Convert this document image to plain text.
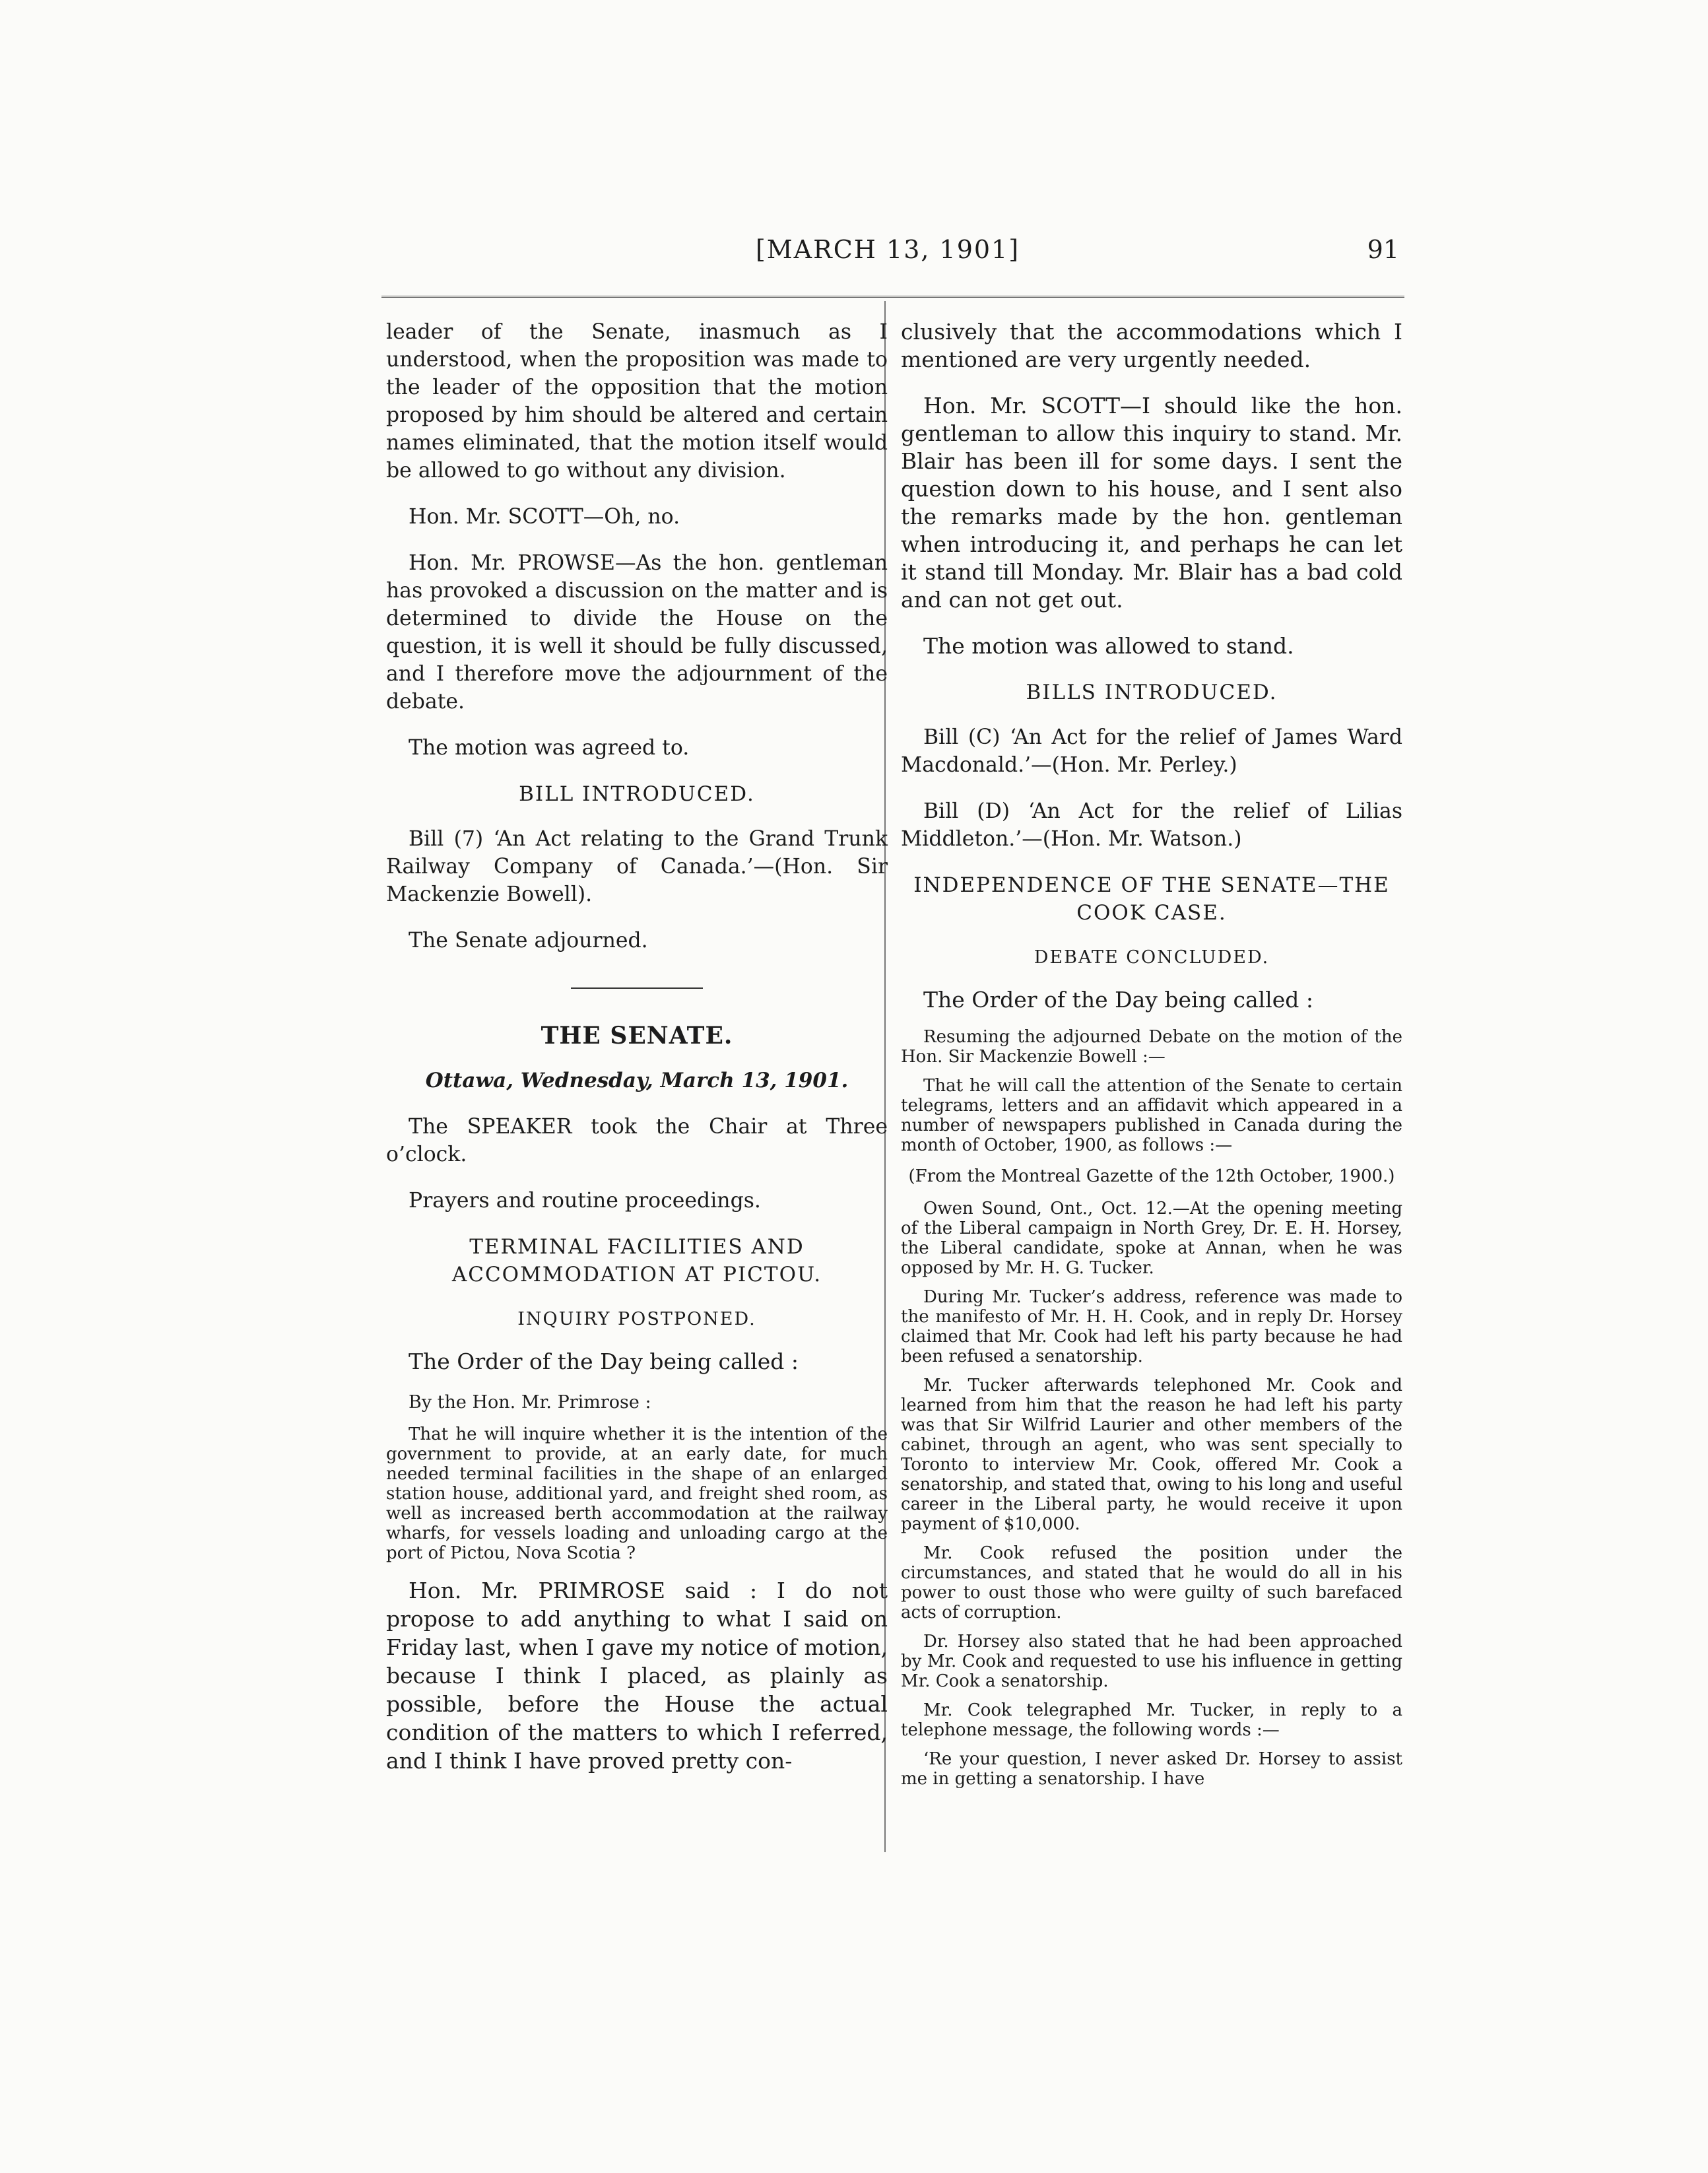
[MARCH 13, 1901]	91

leader of the Senate, inasmuch as I understood, when the proposition was made to the leader of the opposition that the motion proposed by him should be altered and certain names eliminated, that the motion itself would be allowed to go without any division.

Hon. Mr. SCOTT—Oh, no.

Hon. Mr. PROWSE—As the hon. gentleman has provoked a discussion on the matter and is determined to divide the House on the question, it is well it should be fully discussed, and I therefore move the adjournment of the debate.

The motion was agreed to.

BILL INTRODUCED.

Bill (7) ‘An Act relating to the Grand Trunk Railway Company of Canada.’—(Hon. Sir Mackenzie Bowell).

The Senate adjourned.

THE SENATE.
Ottawa, Wednesday, March 13, 1901.

The SPEAKER took the Chair at Three o’clock.

Prayers and routine proceedings.

TERMINAL FACILITIES AND ACCOMMODATION AT PICTOU.
INQUIRY POSTPONED.

The Order of the Day being called :

By the Hon. Mr. Primrose :

That he will inquire whether it is the intention of the government to provide, at an early date, for much needed terminal facilities in the shape of an enlarged station house, additional yard, and freight shed room, as well as increased berth accommodation at the railway wharfs, for vessels loading and unloading cargo at the port of Pictou, Nova Scotia ?

Hon. Mr. PRIMROSE said : I do not propose to add anything to what I said on Friday last, when I gave my notice of motion, because I think I placed, as plainly as possible, before the House the actual condition of the matters to which I referred, and I think I have proved pretty con-

clusively that the accommodations which I mentioned are very urgently needed.

Hon. Mr. SCOTT—I should like the hon. gentleman to allow this inquiry to stand. Mr. Blair has been ill for some days. I sent the question down to his house, and I sent also the remarks made by the hon. gentleman when introducing it, and perhaps he can let it stand till Monday. Mr. Blair has a bad cold and can not get out.

The motion was allowed to stand.

BILLS INTRODUCED.

Bill (C) ‘An Act for the relief of James Ward Macdonald.’—(Hon. Mr. Perley.)

Bill (D) ‘An Act for the relief of Lilias Middleton.’—(Hon. Mr. Watson.)

INDEPENDENCE OF THE SENATE—THE COOK CASE.
DEBATE CONCLUDED.

The Order of the Day being called :

Resuming the adjourned Debate on the motion of the Hon. Sir Mackenzie Bowell :—

That he will call the attention of the Senate to certain telegrams, letters and an affidavit which appeared in a number of newspapers published in Canada during the month of October, 1900, as follows :—

(From the Montreal Gazette of the 12th October, 1900.)

Owen Sound, Ont., Oct. 12.—At the opening meeting of the Liberal campaign in North Grey, Dr. E. H. Horsey, the Liberal candidate, spoke at Annan, when he was opposed by Mr. H. G. Tucker.

During Mr. Tucker’s address, reference was made to the manifesto of Mr. H. H. Cook, and in reply Dr. Horsey claimed that Mr. Cook had left his party because he had been refused a senatorship.

Mr. Tucker afterwards telephoned Mr. Cook and learned from him that the reason he had left his party was that Sir Wilfrid Laurier and other members of the cabinet, through an agent, who was sent specially to Toronto to interview Mr. Cook, offered Mr. Cook a senatorship, and stated that, owing to his long and useful career in the Liberal party, he would receive it upon payment of $10,000.

Mr. Cook refused the position under the circumstances, and stated that he would do all in his power to oust those who were guilty of such barefaced acts of corruption.

Dr. Horsey also stated that he had been approached by Mr. Cook and requested to use his influence in getting Mr. Cook a senatorship.

Mr. Cook telegraphed Mr. Tucker, in reply to a telephone message, the following words :—

‘Re your question, I never asked Dr. Horsey to assist me in getting a senatorship. I have
